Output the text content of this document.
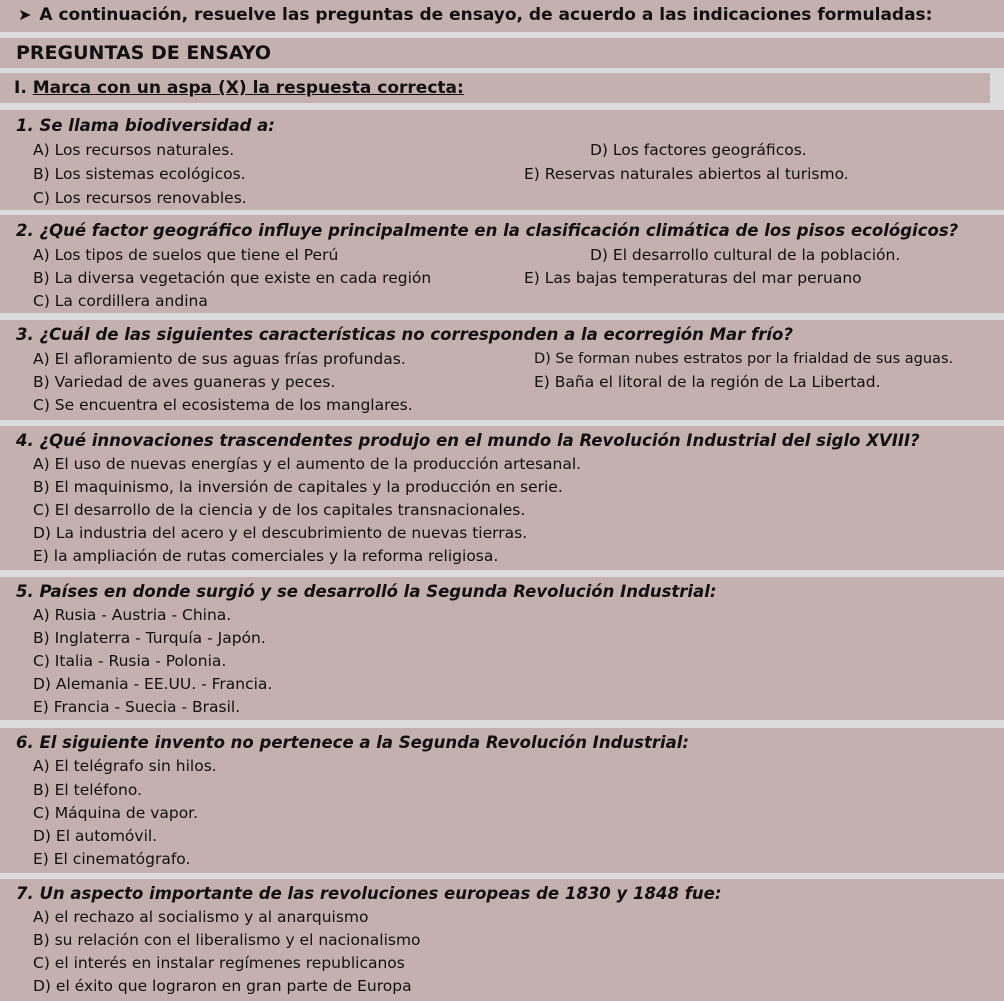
➤ A continuación, resuelve las preguntas de ensayo, de acuerdo a las indicaciones formuladas:
PREGUNTAS DE ENSAYO
I. Marca con un aspa (X) la respuesta correcta:
1. Se llama biodiversidad a:
A) Los recursos naturales.	D) Los factores geográficos.
B) Los sistemas ecológicos.	E) Reservas naturales abiertos al turismo.
C) Los recursos renovables.
2. ¿Qué factor geográfico influye principalmente en la clasificación climática de los pisos ecológicos?
A) Los tipos de suelos que tiene el Perú	D) El desarrollo cultural de la población.
B) La diversa vegetación que existe en cada región	E) Las bajas temperaturas del mar peruano
C) La cordillera andina
3. ¿Cuál de las siguientes características no corresponden a la ecorregión Mar frío?
A) El afloramiento de sus aguas frías profundas.	D) Se forman nubes estratos por la frialdad de sus aguas.
B) Variedad de aves guaneras y peces.	E) Baña el litoral de la región de La Libertad.
C) Se encuentra el ecosistema de los manglares.
4. ¿Qué innovaciones trascendentes produjo en el mundo la Revolución Industrial del siglo XVIII?
A) El uso de nuevas energías y el aumento de la producción artesanal.
B) El maquinismo, la inversión de capitales y la producción en serie.
C) El desarrollo de la ciencia y de los capitales transnacionales.
D) La industria del acero y el descubrimiento de nuevas tierras.
E) la ampliación de rutas comerciales y la reforma religiosa.
5. Países en donde surgió y se desarrolló la Segunda Revolución Industrial:
A) Rusia - Austria - China.
B) Inglaterra - Turquía - Japón.
C) Italia - Rusia - Polonia.
D) Alemania - EE.UU. - Francia.
E) Francia - Suecia - Brasil.
6. El siguiente invento no pertenece a la Segunda Revolución Industrial:
A) El telégrafo sin hilos.
B) El teléfono.
C) Máquina de vapor.
D) El automóvil.
E) El cinematógrafo.
7. Un aspecto importante de las revoluciones europeas de 1830 y 1848 fue:
A) el rechazo al socialismo y al anarquismo
B) su relación con el liberalismo y el nacionalismo
C) el interés en instalar regímenes republicanos
D) el éxito que lograron en gran parte de Europa
